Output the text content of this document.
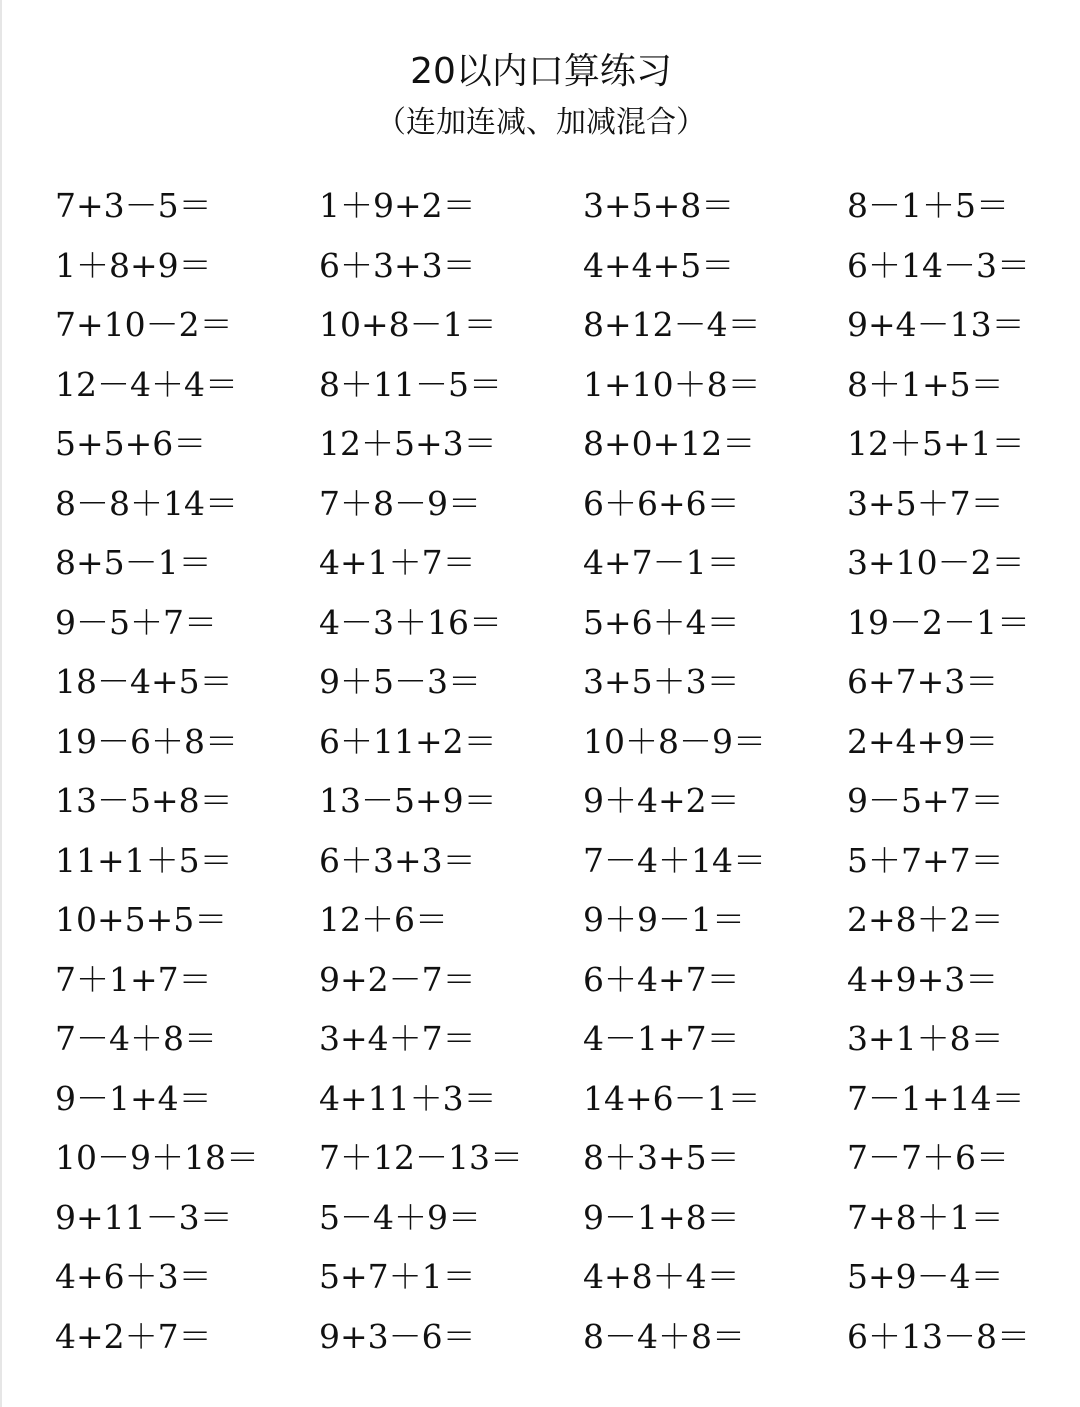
20以内口算练习
（连加连减、加减混合）
7+3－5＝	1＋9+2＝	3+5+8＝	8－1＋5＝
1＋8+9＝	6＋3+3＝	4+4+5＝	6＋14－3＝
7+10－2＝	10+8－1＝	8+12－4＝	9+4－13＝
12－4＋4＝	8＋11－5＝	1+10＋8＝	8＋1+5＝
5+5+6＝	12＋5+3＝	8+0+12＝	12＋5+1＝
8－8＋14＝	7＋8－9＝	6＋6+6＝	3+5＋7＝
8+5－1＝	4+1＋7＝	4+7－1＝	3+10－2＝
9－5＋7＝	4－3＋16＝	5+6＋4＝	19－2－1＝
18－4+5＝	9＋5－3＝	3+5＋3＝	6+7+3＝
19－6＋8＝	6＋11+2＝	10＋8－9＝	2+4+9＝
13－5+8＝	13－5+9＝	9＋4+2＝	9－5+7＝
11+1＋5＝	6＋3+3＝	7－4＋14＝	5＋7+7＝
10+5+5＝	12＋6＝	9＋9－1＝	2+8＋2＝
7＋1+7＝	9+2－7＝	6＋4+7＝	4+9+3＝
7－4＋8＝	3+4＋7＝	4－1+7＝	3+1＋8＝
9－1+4＝	4+11＋3＝	14+6－1＝	7－1+14＝
10－9＋18＝	7＋12－13＝	8＋3+5＝	7－7＋6＝
9+11－3＝	5－4＋9＝	9－1+8＝	7+8＋1＝
4+6＋3＝	5+7＋1＝	4+8＋4＝	5+9－4＝
4+2＋7＝	9+3－6＝	8－4＋8＝	6＋13－8＝
